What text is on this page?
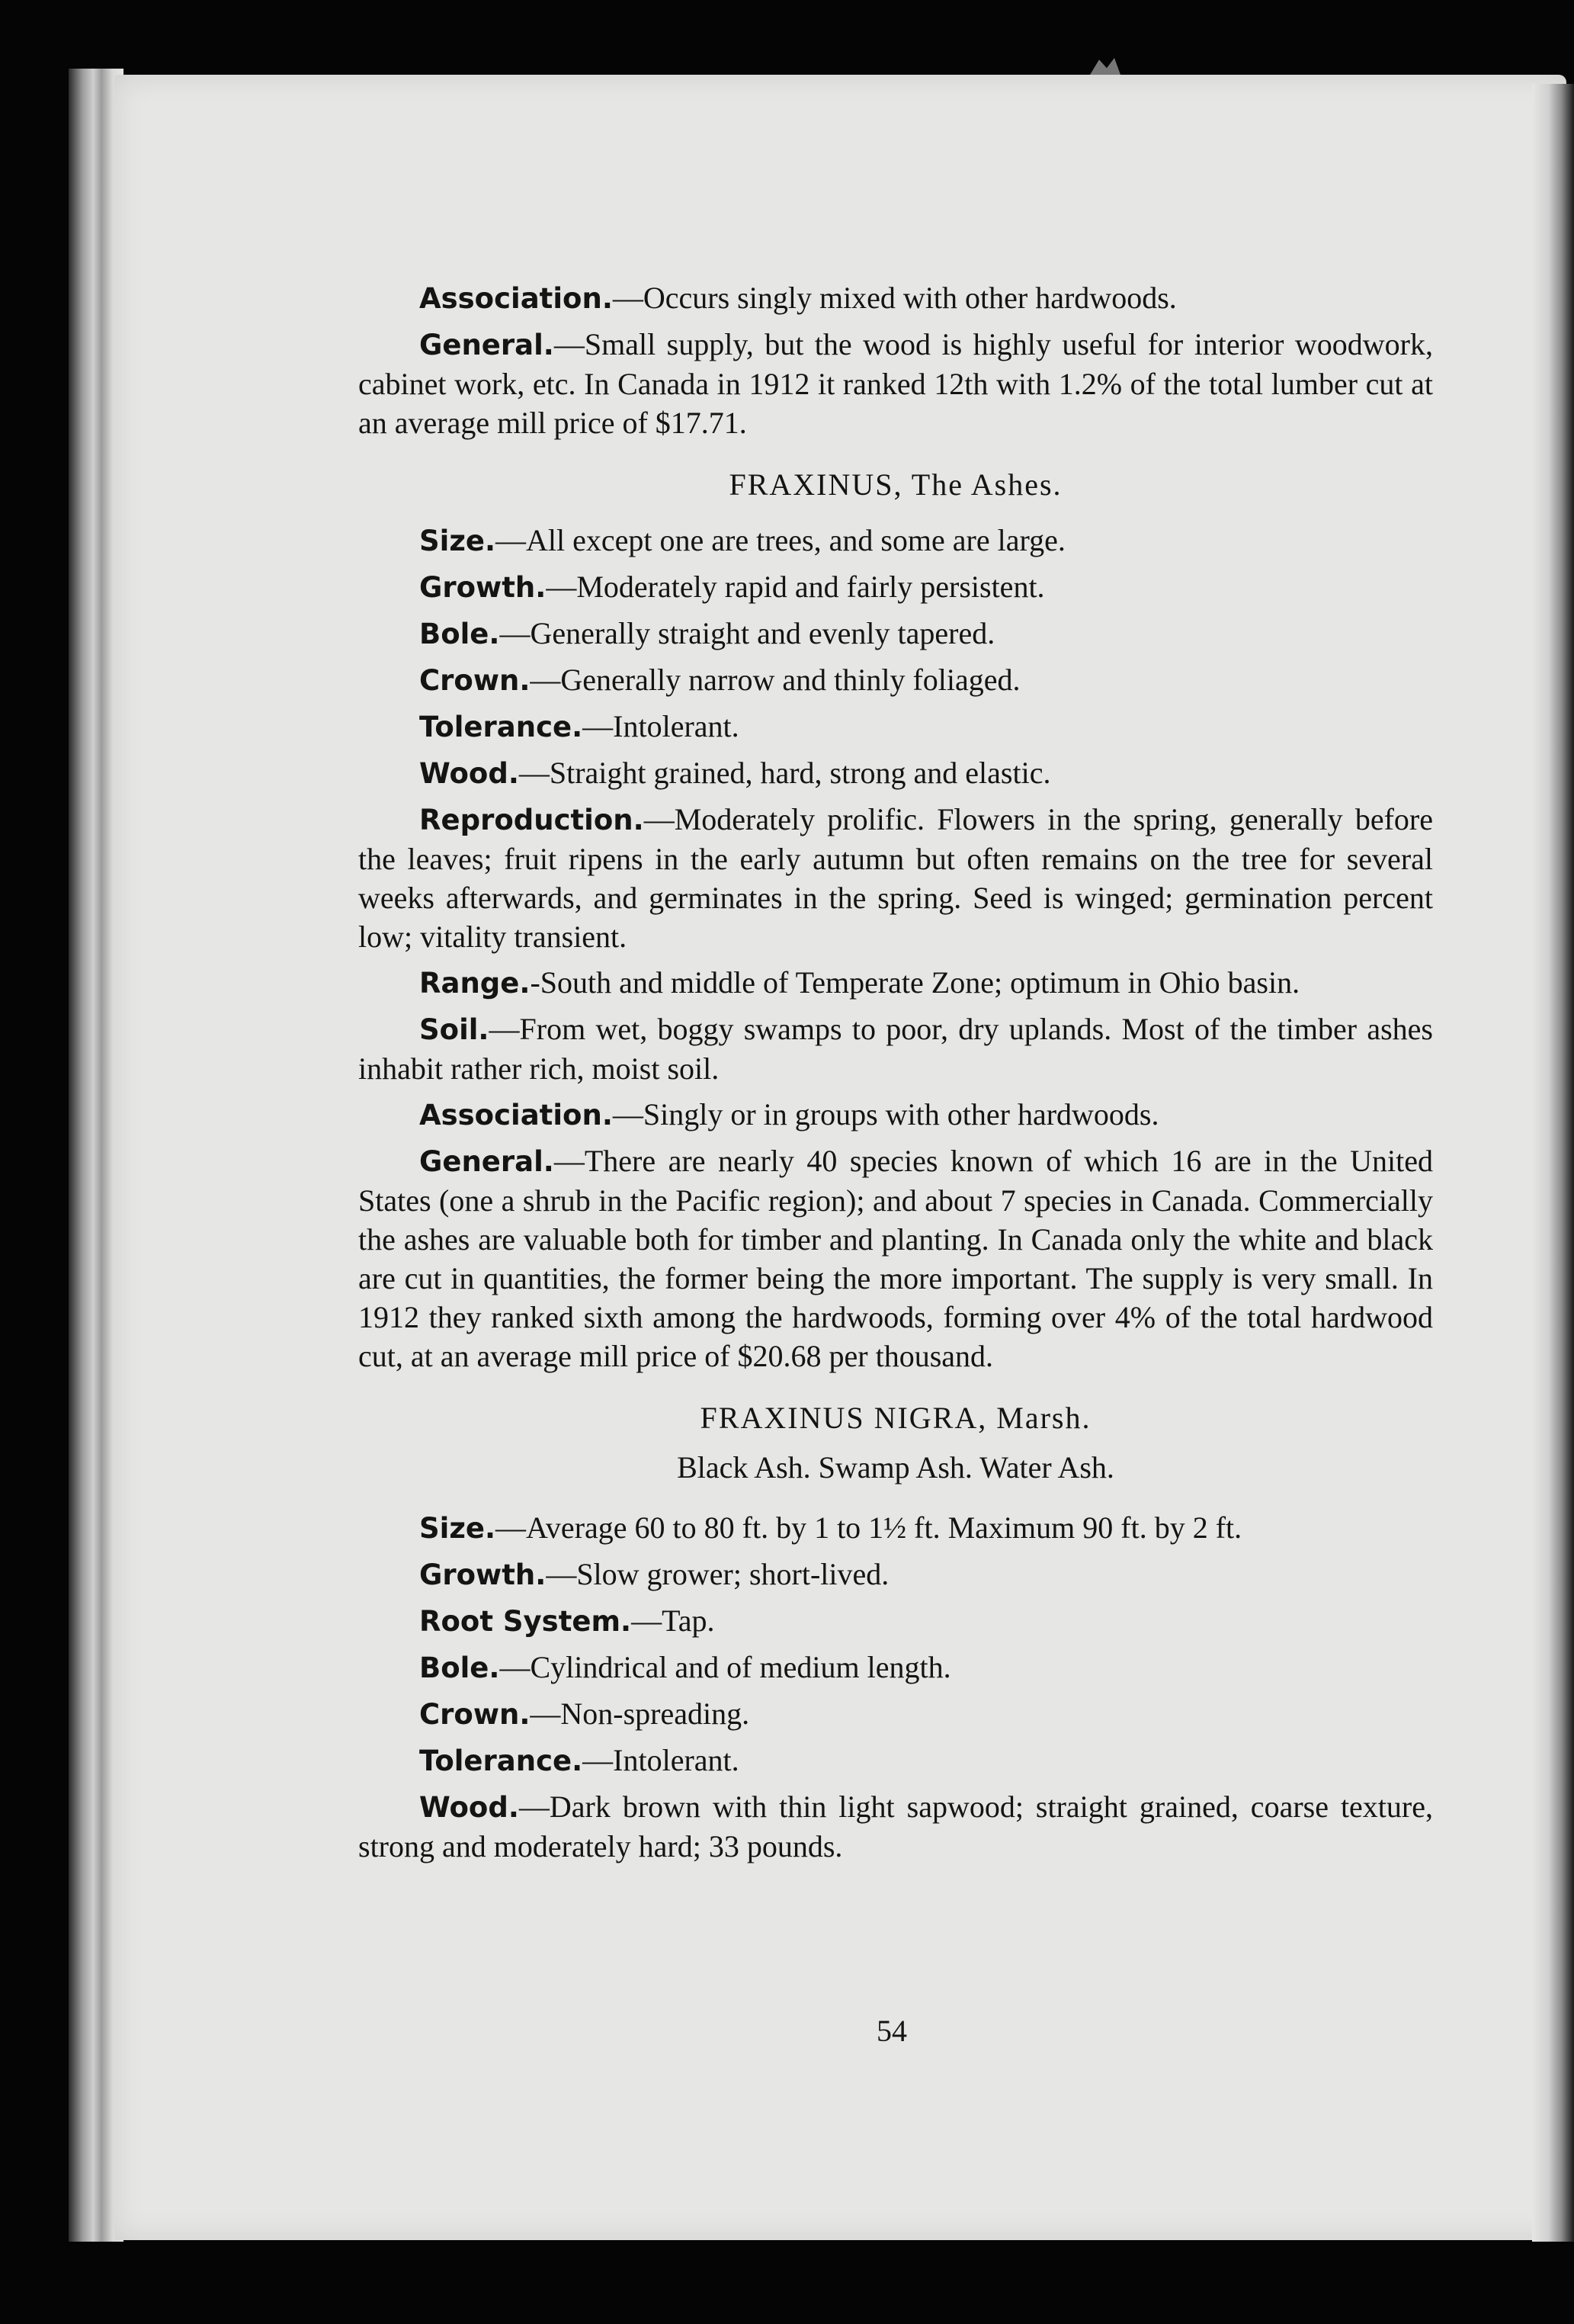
Association.—Occurs singly mixed with other hardwoods.

General.—Small supply, but the wood is highly useful for interior woodwork, cabinet work, etc. In Canada in 1912 it ranked 12th with 1.2% of the total lumber cut at an average mill price of $17.71.

FRAXINUS, The Ashes.

Size.—All except one are trees, and some are large.

Growth.—Moderately rapid and fairly persistent.

Bole.—Generally straight and evenly tapered.

Crown.—Generally narrow and thinly foliaged.

Tolerance.—Intolerant.

Wood.—Straight grained, hard, strong and elastic.

Reproduction.—Moderately prolific. Flowers in the spring, generally before the leaves; fruit ripens in the early autumn but often remains on the tree for several weeks afterwards, and germinates in the spring. Seed is winged; germination percent low; vitality transient.

Range.-South and middle of Temperate Zone; optimum in Ohio basin.

Soil.—From wet, boggy swamps to poor, dry uplands. Most of the timber ashes inhabit rather rich, moist soil.

Association.—Singly or in groups with other hardwoods.

General.—There are nearly 40 species known of which 16 are in the United States (one a shrub in the Pacific region); and about 7 species in Canada. Commercially the ashes are valuable both for timber and planting. In Canada only the white and black are cut in quantities, the former being the more important. The supply is very small. In 1912 they ranked sixth among the hardwoods, forming over 4% of the total hardwood cut, at an average mill price of $20.68 per thousand.

FRAXINUS NIGRA, Marsh.
Black Ash. Swamp Ash. Water Ash.

Size.—Average 60 to 80 ft. by 1 to 1½ ft. Maximum 90 ft. by 2 ft.

Growth.—Slow grower; short-lived.

Root System.—Tap.

Bole.—Cylindrical and of medium length.

Crown.—Non-spreading.

Tolerance.—Intolerant.

Wood.—Dark brown with thin light sapwood; straight grained, coarse texture, strong and moderately hard; 33 pounds.

54
